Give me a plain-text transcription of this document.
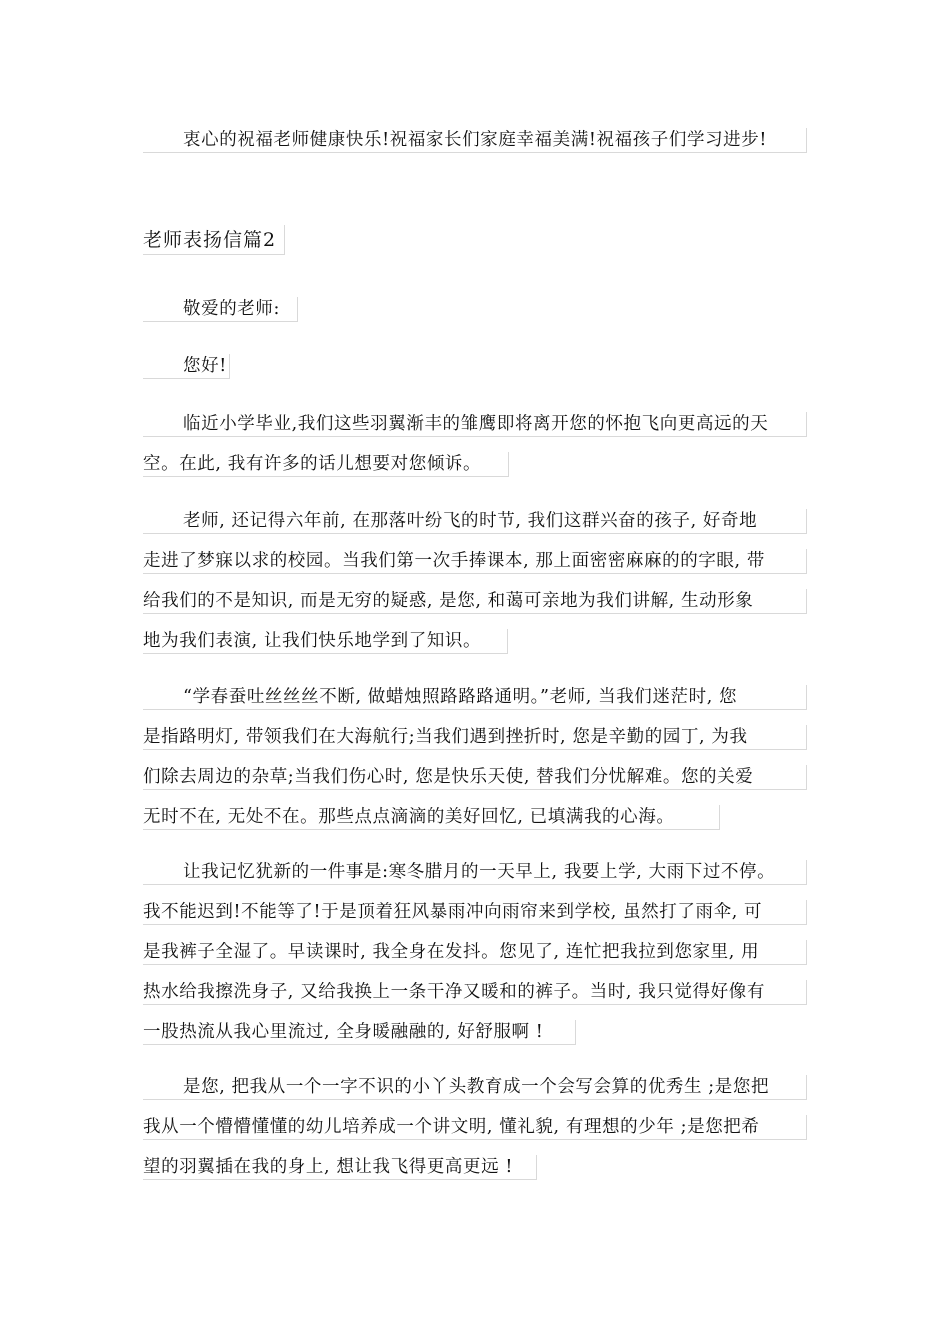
衷心的祝福老师健康快乐!祝福家长们家庭幸福美满!祝福孩子们学习进步!

老师表扬信篇2

敬爱的老师:

您好!

临近小学毕业,我们这些羽翼渐丰的雏鹰即将离开您的怀抱飞向更高远的天
空。在此, 我有许多的话儿想要对您倾诉。

老师, 还记得六年前, 在那落叶纷飞的时节, 我们这群兴奋的孩子, 好奇地
走进了梦寐以求的校园。当我们第一次手捧课本, 那上面密密麻麻的的字眼, 带
给我们的不是知识, 而是无穷的疑惑, 是您, 和蔼可亲地为我们讲解, 生动形象
地为我们表演, 让我们快乐地学到了知识。

“学春蚕吐丝丝丝不断, 做蜡烛照路路路通明。”老师, 当我们迷茫时, 您
是指路明灯, 带领我们在大海航行;当我们遇到挫折时, 您是辛勤的园丁, 为我
们除去周边的杂草;当我们伤心时, 您是快乐天使, 替我们分忧解难。您的关爱
无时不在, 无处不在。那些点点滴滴的美好回忆, 已填满我的心海。

让我记忆犹新的一件事是:寒冬腊月的一天早上, 我要上学, 大雨下过不停。
我不能迟到!不能等了!于是顶着狂风暴雨冲向雨帘来到学校, 虽然打了雨伞, 可
是我裤子全湿了。早读课时, 我全身在发抖。您见了, 连忙把我拉到您家里, 用
热水给我擦洗身子, 又给我换上一条干净又暖和的裤子。当时, 我只觉得好像有
一股热流从我心里流过, 全身暖融融的, 好舒服啊 !

是您, 把我从一个一字不识的小丫头教育成一个会写会算的优秀生 ;是您把
我从一个懵懵懂懂的幼儿培养成一个讲文明, 懂礼貌, 有理想的少年 ;是您把希
望的羽翼插在我的身上, 想让我飞得更高更远 !
